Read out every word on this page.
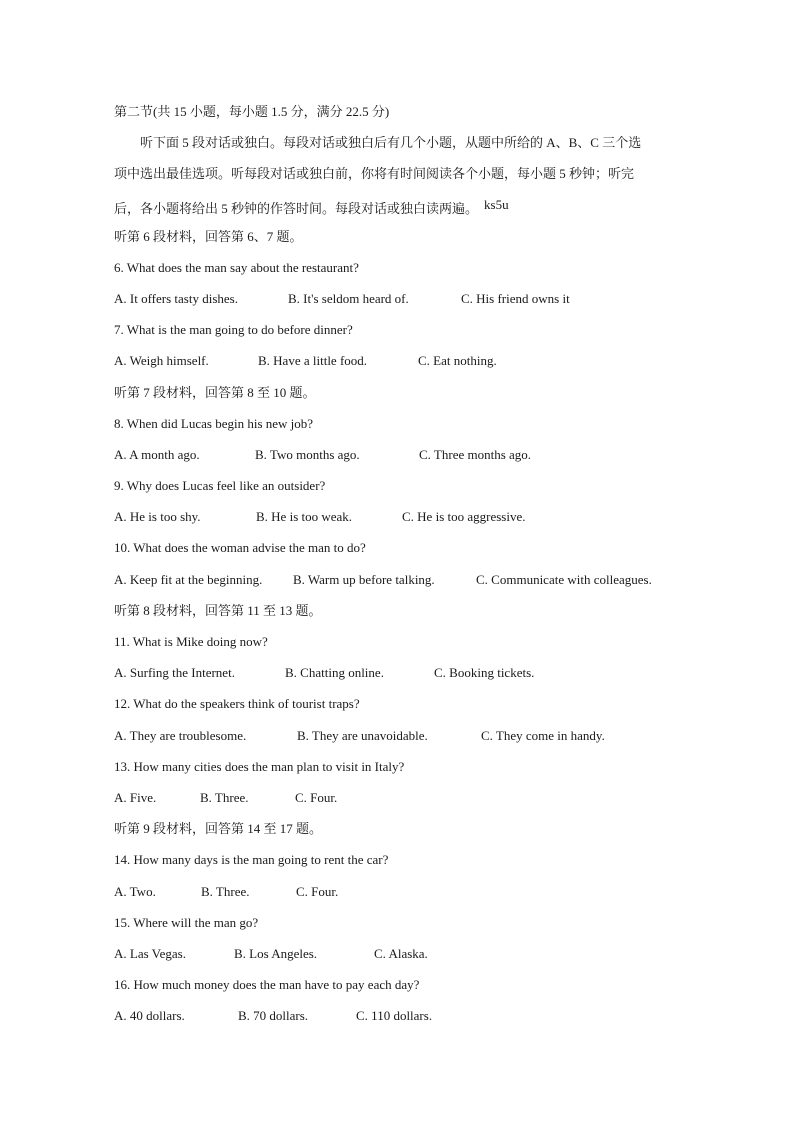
第二节(共 15 小题，每小题 1.5 分，满分 22.5 分)
听下面 5 段对话或独白。每段对话或独白后有几个小题，从题中所给的 A、B、C 三个选
项中选出最佳选项。听每段对话或独白前，你将有时间阅读各个小题，每小题 5 秒钟；听完
后，各小题将给出 5 秒钟的作答时间。每段对话或独白读两遍。 ks5u
听第 6 段材料，回答第 6、7 题。
6. What does the man say about the restaurant?
A. It offers tasty dishes.	B. It's seldom heard of.	C. His friend owns it
7. What is the man going to do before dinner?
A. Weigh himself.	B. Have a little food.	C. Eat nothing.
听第 7 段材料，回答第 8 至 10 题。
8. When did Lucas begin his new job?
A. A month ago.	B. Two months ago.	C. Three months ago.
9. Why does Lucas feel like an outsider?
A. He is too shy.	B. He is too weak.	C. He is too aggressive.
10. What does the woman advise the man to do?
A. Keep fit at the beginning. B. Warm up before talking.	C. Communicate with colleagues.
听第 8 段材料，回答第 11 至 13 题。
11. What is Mike doing now?
A. Surfing the Internet.	B. Chatting online.	C. Booking tickets.
12. What do the speakers think of tourist traps?
A. They are troublesome.	B. They are unavoidable.	C. They come in handy.
13. How many cities does the man plan to visit in Italy?
A. Five.	B. Three.	C. Four.
听第 9 段材料，回答第 14 至 17 题。
14. How many days is the man going to rent the car?
A. Two.	B. Three.	C. Four.
15. Where will the man go?
A. Las Vegas.	B. Los Angeles.	C. Alaska.
16. How much money does the man have to pay each day?
A. 40 dollars.	B. 70 dollars.	C. 110 dollars.
